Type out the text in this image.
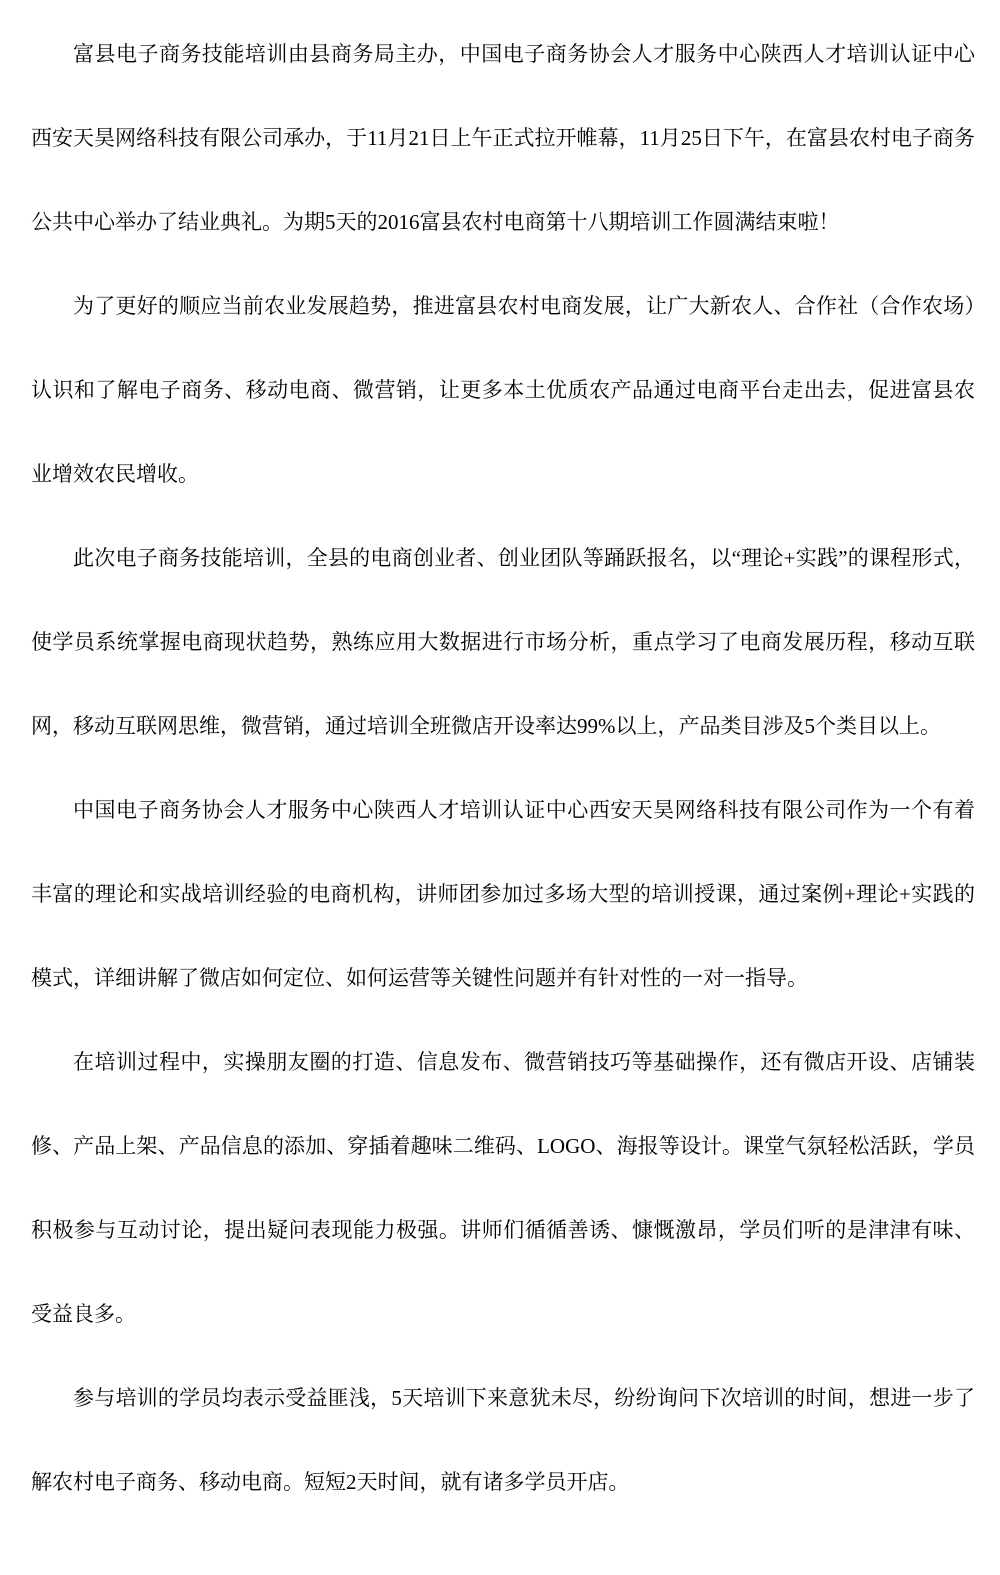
富县电子商务技能培训由县商务局主办，中国电子商务协会人才服务中心陕西人才培训认证中心西安天昊网络科技有限公司承办，于11月21日上午正式拉开帷幕，11月25日下午，在富县农村电子商务公共中心举办了结业典礼。为期5天的2016富县农村电商第十八期培训工作圆满结束啦！

为了更好的顺应当前农业发展趋势，推进富县农村电商发展，让广大新农人、合作社（合作农场）认识和了解电子商务、移动电商、微营销，让更多本土优质农产品通过电商平台走出去，促进富县农业增效农民增收。

此次电子商务技能培训，全县的电商创业者、创业团队等踊跃报名，以“理论+实践”的课程形式，使学员系统掌握电商现状趋势，熟练应用大数据进行市场分析，重点学习了电商发展历程，移动互联网，移动互联网思维，微营销，通过培训全班微店开设率达99%以上，产品类目涉及5个类目以上。

中国电子商务协会人才服务中心陕西人才培训认证中心西安天昊网络科技有限公司作为一个有着丰富的理论和实战培训经验的电商机构，讲师团参加过多场大型的培训授课，通过案例+理论+实践的模式，详细讲解了微店如何定位、如何运营等关键性问题并有针对性的一对一指导。

在培训过程中，实操朋友圈的打造、信息发布、微营销技巧等基础操作，还有微店开设、店铺装修、产品上架、产品信息的添加、穿插着趣味二维码、LOGO、海报等设计。课堂气氛轻松活跃，学员积极参与互动讨论，提出疑问表现能力极强。讲师们循循善诱、慷慨激昂，学员们听的是津津有味、受益良多。

参与培训的学员均表示受益匪浅，5天培训下来意犹未尽，纷纷询问下次培训的时间，想进一步了解农村电子商务、移动电商。短短2天时间，就有诸多学员开店。
